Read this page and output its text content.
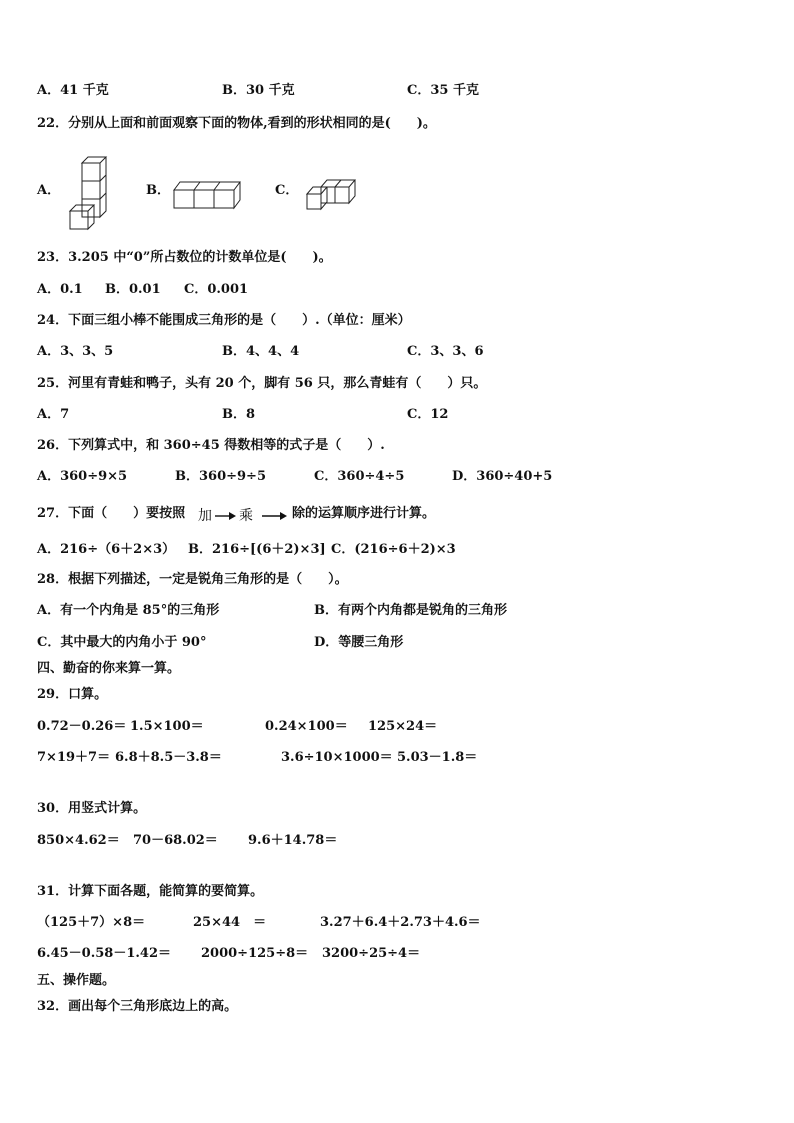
A．41 千克	B．30 千克	C．35 千克
22．分别从上面和前面观察下面的物体,看到的形状相同的是(　　)。
A．	B．	C．
23．3.205 中“0”所占数位的计数单位是(　　)。
A．0.1 B．0.01 C．0.001
24．下面三组小棒不能围成三角形的是（　　）.（单位：厘米）
A．3、3、5	B．4、4、4	C．3、3、6
25．河里有青蛙和鸭子，头有 20 个，脚有 56 只，那么青蛙有（　　）只。
A．7	B．8	C．12
26．下列算式中，和 360÷45 得数相等的式子是（　　）.
A．360÷9×5	B．360÷9÷5	C．360÷4÷5	D．360÷40+5
27．下面（　　）要按照 加 乘	除的运算顺序进行计算。
A．216÷（6＋2×3） B．216÷[(6＋2)×3] C．(216÷6＋2)×3
28．根据下列描述，一定是锐角三角形的是（　　）。
A．有一个内角是 85°的三角形	B．有两个内角都是锐角的三角形
C．其中最大的内角小于 90°	D．等腰三角形
四、勤奋的你来算一算。
29．口算。
0.72－0.26＝ 1.5×100＝	0.24×100＝ 125×24＝
7×19＋7＝ 6.8＋8.5－3.8＝	3.6÷10×1000＝ 5.03－1.8＝
30．用竖式计算。
850×4.62＝ 70－68.02＝ 9.6＋14.78＝
31．计算下面各题，能简算的要简算。
（125＋7）×8＝	25×44　＝	3.27＋6.4＋2.73＋4.6＝
6.45－0.58－1.42＝ 2000÷125÷8＝ 3200÷25÷4＝
五、操作题。
32．画出每个三角形底边上的高。
